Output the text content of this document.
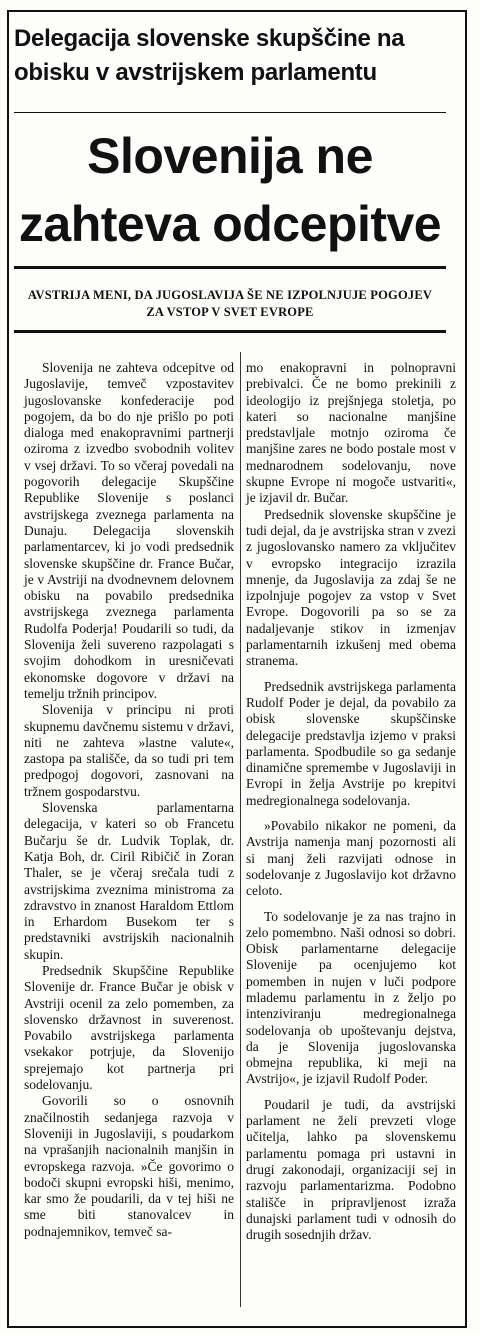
Delegacija slovenske skupščine na obisku v avstrijskem parlamentu
Slovenija ne zahteva odcepitve
AVSTRIJA MENI, DA JUGOSLAVIJA ŠE NE IZPOLNJUJE POGOJEV ZA VSTOP V SVET EVROPE

Slovenija ne zahteva odcepitve od Jugoslavije, temveč vzpostavitev jugoslovanske konfederacije pod pogojem, da bo do nje prišlo po poti dialoga med enakopravnimi partnerji oziroma z izvedbo svobodnih volitev v vsej državi. To so včeraj povedali na pogovorih delegacije Skupščine Republike Slovenije s poslanci avstrijskega zveznega parlamenta na Dunaju. Delegacija slovenskih parlamentarcev, ki jo vodi predsednik slovenske skupščine dr. France Bučar, je v Avstriji na dvodnevnem delovnem obisku na povabilo predsednika avstrijskega zveznega parlamenta Rudolfa Poderja! Poudarili so tudi, da Slovenija želi suvereno razpolagati s svojim dohodkom in uresničevati ekonomske dogovore v državi na temelju tržnih principov.

Slovenija v principu ni proti skupnemu davčnemu sistemu v državi, niti ne zahteva »lastne valute«, zastopa pa stališče, da so tudi pri tem predpogoj dogovori, zasnovani na tržnem gospodarstvu.

Slovenska parlamentarna delegacija, v kateri so ob Francetu Bučarju še dr. Ludvik Toplak, dr. Katja Boh, dr. Ciril Ribičič in Zoran Thaler, se je včeraj srečala tudi z avstrijskima zveznima ministroma za zdravstvo in znanost Haraldom Ettlom in Erhardom Busekom ter s predstavniki avstrijskih nacionalnih skupin.

Predsednik Skupščine Republike Slovenije dr. France Bučar je obisk v Avstriji ocenil za zelo pomemben, za slovensko državnost in suverenost. Povabilo avstrijskega parlamenta vsekakor potrjuje, da Slovenijo sprejemajo kot partnerja pri sodelovanju.

Govorili so o osnovnih značilnostih sedanjega razvoja v Sloveniji in Jugoslaviji, s poudarkom na vprašanjih nacionalnih manjšin in evropskega razvoja. »Če govorimo o bodoči skupni evropski hiši, menimo, kar smo že poudarili, da v tej hiši ne sme biti stanovalcev in podnajemnikov, temveč sa-

mo enakopravni in polnopravni prebivalci. Če ne bomo prekinili z ideologijo iz prejšnjega stoletja, po kateri so nacionalne manjšine predstavljale motnjo oziroma če manjšine zares ne bodo postale most v mednarodnem sodelovanju, nove skupne Evrope ni mogoče ustvariti«, je izjavil dr. Bučar.

Predsednik slovenske skupščine je tudi dejal, da je avstrijska stran v zvezi z jugoslovansko namero za vključitev v evropsko integracijo izrazila mnenje, da Jugoslavija za zdaj še ne izpolnjuje pogojev za vstop v Svet Evrope. Dogovorili pa so se za nadaljevanje stikov in izmenjav parlamentarnih izkušenj med obema stranema.

Predsednik avstrijskega parlamenta Rudolf Poder je dejal, da povabilo za obisk slovenske skupščinske delegacije predstavlja izjemo v praksi parlamenta. Spodbudile so ga sedanje dinamične spremembe v Jugoslaviji in Evropi in želja Avstrije po krepitvi medregionalnega sodelovanja.

»Povabilo nikakor ne pomeni, da Avstrija namenja manj pozornosti ali si manj želi razvijati odnose in sodelovanje z Jugoslavijo kot državno celoto.

To sodelovanje je za nas trajno in zelo pomembno. Naši odnosi so dobri. Obisk parlamentarne delegacije Slovenije pa ocenjujemo kot pomemben in nujen v luči podpore mlademu parlamentu in z željo po intenziviranju medregionalnega sodelovanja ob upoštevanju dejstva, da je Slovenija jugoslovanska obmejna republika, ki meji na Avstrijo«, je izjavil Rudolf Poder.

Poudaril je tudi, da avstrijski parlament ne želi prevzeti vloge učitelja, lahko pa slovenskemu parlamentu pomaga pri ustavni in drugi zakonodaji, organizaciji sej in razvoju parlamentarizma. Podobno stališče in pripravljenost izraža dunajski parlament tudi v odnosih do drugih sosednjih držav.
